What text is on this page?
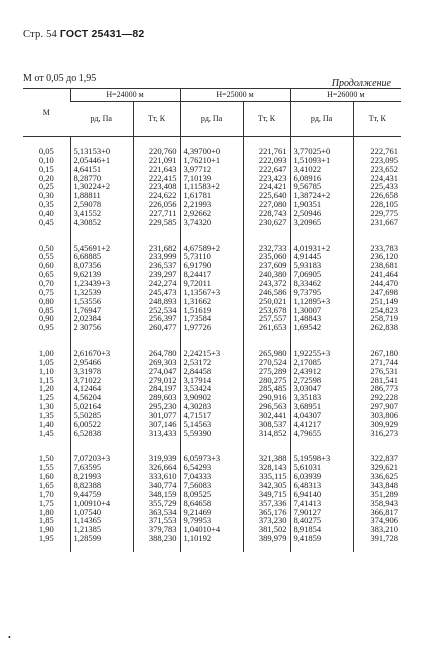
Стр. 54 ГОСТ 25431—82
Продолжение
М от 0,05 до 1,95
М	H=24000 м		H=25000 м		H=26000 м	
	pд, Па	Tт, К	pд, Па	Tт, К	pд, Па	Tт, К
0,05	5,13153+0	220,760	4,39700+0	221,761	3,77025+0	222,761
0,10	2,05446+1	221,091	1,76210+1	222,093	1,51093+1	223,095
0,15	4,64151	221,643	3,97712	222,647	3,41022	223,652
0,20	8,28770	222,415	7,10139	223,423	6,08916	224,431
0,25	1,30224+2	223,408	1,11583+2	224,421	9,56785	225,433
0,30	1,88811	224,622	1,61781	225,640	1,38724+2	226,658
0,35	2,59078	226,056	2,21993	227,080	1,90351	228,105
0,40	3,41552	227,711	2,92662	228,743	2,50946	229,775
0,45	4,30852	229,585	3,74320	230,627	3,20965	231,667
0,50	5,45691+2	231,682	4,67589+2	232,733	4,01931+2	233,783
0,55	6,68885	233,999	5,73110	235,060	4,91445	236,120
0,60	8,07356	236,537	6,91790	237,609	5,93183	238,681
0,65	9,62139	239,297	8,24417	240,380	7,06905	241,464
0,70	1,23439+3	242,274	9,72011	243,372	8,33462	244,470
0,75	1,32539	245,473	1,13567+3	246,586	9,73795	247,698
0,80	1,53556	248,893	1,31662	250,021	1,12895+3	251,149
0,85	1,76947	252,534	1,51619	253,678	1,30007	254,823
0,90	2,02384	256,397	1,73584	257,557	1,48843	258,719
0,95	2 30756	260,477	1,97726	261,653	1,69542	262,838
1,00	2,61670+3	264,780	2,24215+3	265,980	1,92255+3	267,180
1,05	2,95466	269,303	2,53172	270,524	2,17085	271,744
1,10	3,31978	274,047	2,84458	275,289	2,43912	276,531
1,15	3,71022	279,012	3,17914	280,275	2,72598	281,541
1,20	4,12464	284,197	3,53424	285,485	3,03047	286,773
1,25	4,56204	289,603	3,90902	290,916	3,35183	292,228
1,30	5,02164	295,230	4,30283	296,563	3,68951	297,907
1,35	5,50285	301,077	4,71517	302,441	4,04307	303,806
1,40	6,00522	307,146	5,14563	308,537	4,41217	309,929
1,45	6,52838	313,433	5,59390	314,852	4,79655	316,273
1,50	7,07203+3	319,939	6,05973+3	321,388	5,19598+3	322,837
1,55	7,63595	326,664	6,54293	328,143	5,61031	329,621
1,60	8,21993	333,610	7,04333	335,115	6,03939	336,625
1,65	8,82388	340,774	7,56083	342,305	6,48313	343,848
1,70	9,44759	348,159	8,09525	349,715	6,94140	351,289
1,75	1,00910+4	355,729	8,64658	357,336	7,41413	358,943
1,80	1,07540	363,534	9,21469	365,176	7,90127	366,817
1,85	1,14365	371,553	9,79953	373,230	8,40275	374,906
1,90	1,21385	379,783	1,04010+4	381,502	8,91854	383,210
1,95	1,28599	388,230	1,10192	389,979	9,41859	391,728
•
